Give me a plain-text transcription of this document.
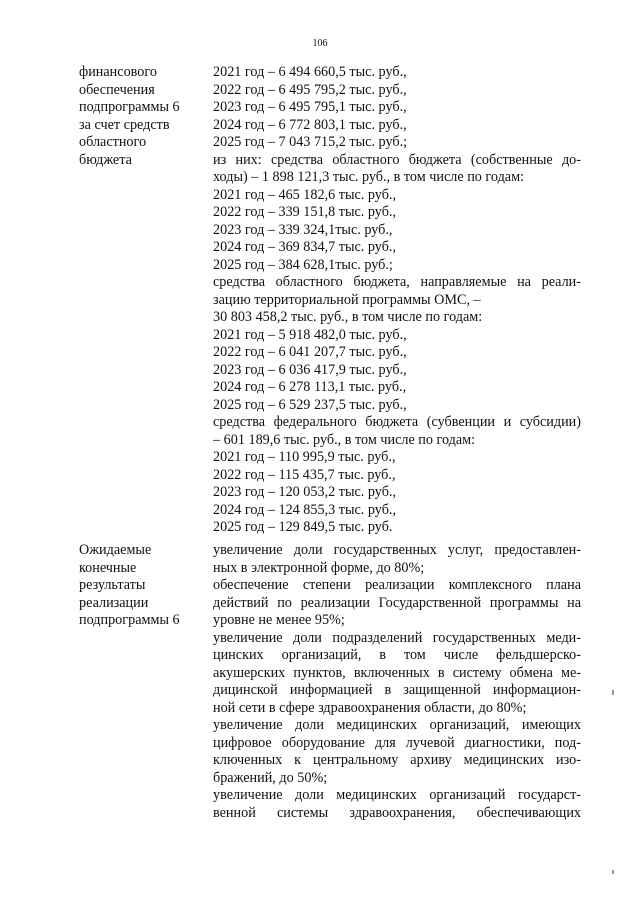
106
финансового
обеспечения
подпрограммы 6
за счет средств
областного
бюджета
2021 год – 6 494 660,5 тыс. руб.,
2022 год – 6 495 795,2 тыс. руб.,
2023 год – 6 495 795,1 тыс. руб.,
2024 год – 6 772 803,1 тыс. руб.,
2025 год – 7 043 715,2 тыс. руб.;
из них: средства областного бюджета (собственные до-
ходы) – 1 898 121,3 тыс. руб., в том числе по годам:
2021 год – 465 182,6 тыс. руб.,
2022 год – 339 151,8 тыс. руб.,
2023 год – 339 324,1тыс. руб.,
2024 год – 369 834,7 тыс. руб.,
2025 год – 384 628,1тыс. руб.;
средства областного бюджета, направляемые на реали-
зацию территориальной программы ОМС, –
30 803 458,2 тыс. руб., в том числе по годам:
2021 год – 5 918 482,0 тыс. руб.,
2022 год – 6 041 207,7 тыс. руб.,
2023 год – 6 036 417,9 тыс. руб.,
2024 год – 6 278 113,1 тыс. руб.,
2025 год – 6 529 237,5 тыс. руб.,
средства федерального бюджета (субвенции и субсидии)
– 601 189,6 тыс. руб., в том числе по годам:
2021 год – 110 995,9 тыс. руб.,
2022 год – 115 435,7 тыс. руб.,
2023 год – 120 053,2 тыс. руб.,
2024 год – 124 855,3 тыс. руб.,
2025 год – 129 849,5 тыс. руб.
Ожидаемые
конечные
результаты
реализации
подпрограммы 6
увеличение доли государственных услуг, предоставлен-
ных в электронной форме, до 80%;
обеспечение степени реализации комплексного плана
действий по реализации Государственной программы на
уровне не менее 95%;
увеличение доли подразделений государственных меди-
цинских организаций, в том числе фельдшерско-
акушерских пунктов, включенных в систему обмена ме-
дицинской информацией в защищенной информацион-
ной сети в сфере здравоохранения области, до 80%;
увеличение доли медицинских организаций, имеющих
цифровое оборудование для лучевой диагностики, под-
ключенных к центральному архиву медицинских изо-
бражений, до 50%;
увеличение доли медицинских организаций государст-
венной системы здравоохранения, обеспечивающих
